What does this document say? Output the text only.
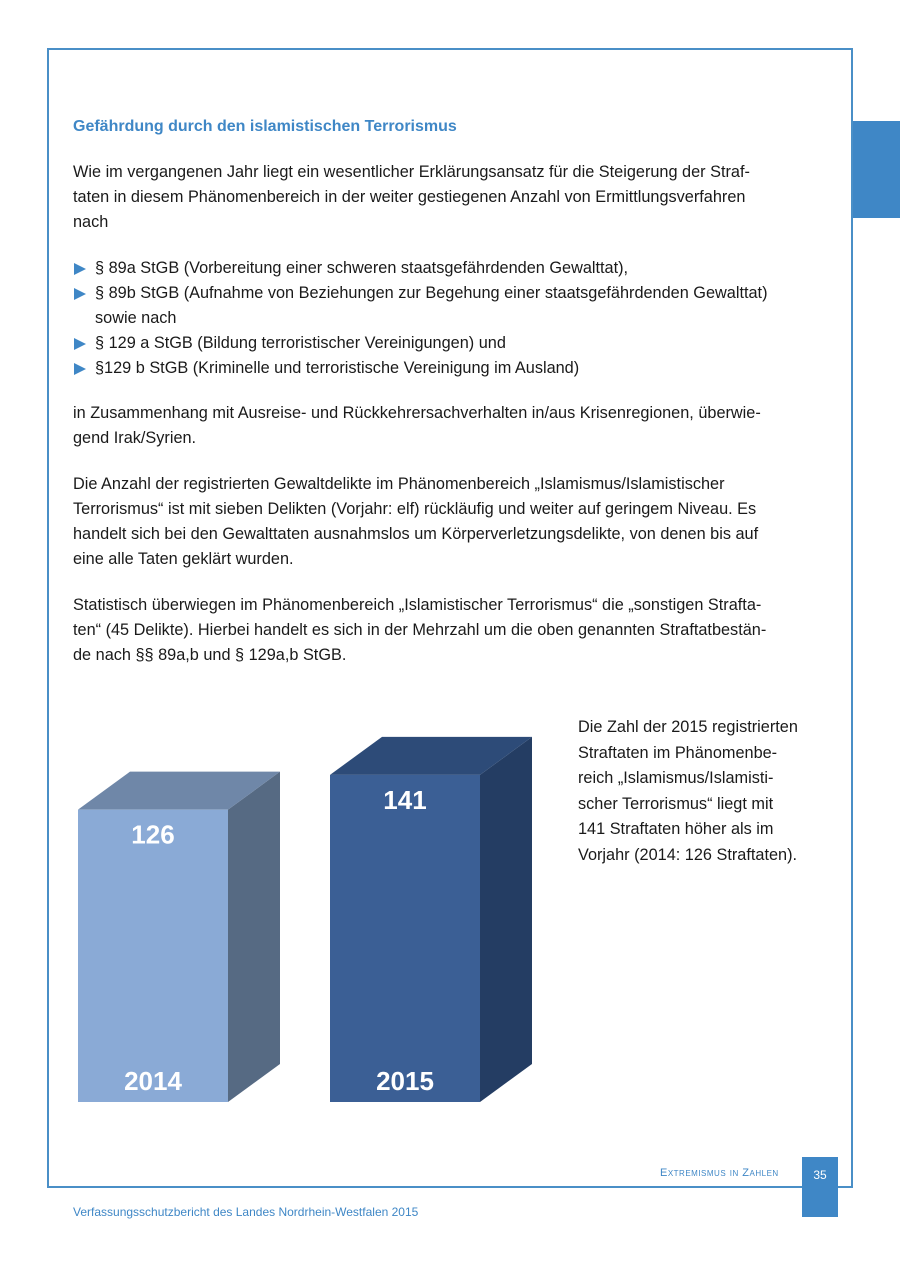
Gefährdung durch den islamistischen Terrorismus

Wie im vergangenen Jahr liegt ein wesentlicher Erklärungsansatz für die Steigerung der Straf-
taten in diesem Phänomenbereich in der weiter gestiegenen Anzahl von Ermittlungsverfahren
nach

§ 89a StGB (Vorbereitung einer schweren staatsgefährdenden Gewalttat),
§ 89b StGB (Aufnahme von Beziehungen zur Begehung einer staatsgefährdenden Gewalttat)
sowie nach
§ 129 a StGB (Bildung terroristischer Vereinigungen) und
§129 b StGB (Kriminelle und terroristische Vereinigung im Ausland)

in Zusammenhang mit Ausreise- und Rückkehrersachverhalten in/aus Krisenregionen, überwie-
gend Irak/Syrien.

Die Anzahl der registrierten Gewaltdelikte im Phänomenbereich „Islamismus/Islamistischer
Terrorismus“ ist mit sieben Delikten (Vorjahr: elf) rückläufig und weiter auf geringem Niveau. Es
handelt sich bei den Gewalttaten ausnahmslos um Körperverletzungsdelikte, von denen bis auf
eine alle Taten geklärt wurden.

Statistisch überwiegen im Phänomenbereich „Islamistischer Terrorismus“ die „sonstigen Strafta-
ten“ (45 Delikte). Hierbei handelt es sich in der Mehrzahl um die oben genannten Straftatbestän-
de nach §§ 89a,b und § 129a,b StGB.

126
2014
141
2015

Die Zahl der 2015 registrierten
Straftaten im Phänomenbe-
reich „Islamismus/Islamisti-
scher Terrorismus“ liegt mit
141 Straftaten höher als im
Vorjahr (2014: 126 Straftaten).

Extremismus in Zahlen	35
Verfassungsschutzbericht des Landes Nordrhein-Westfalen 2015
